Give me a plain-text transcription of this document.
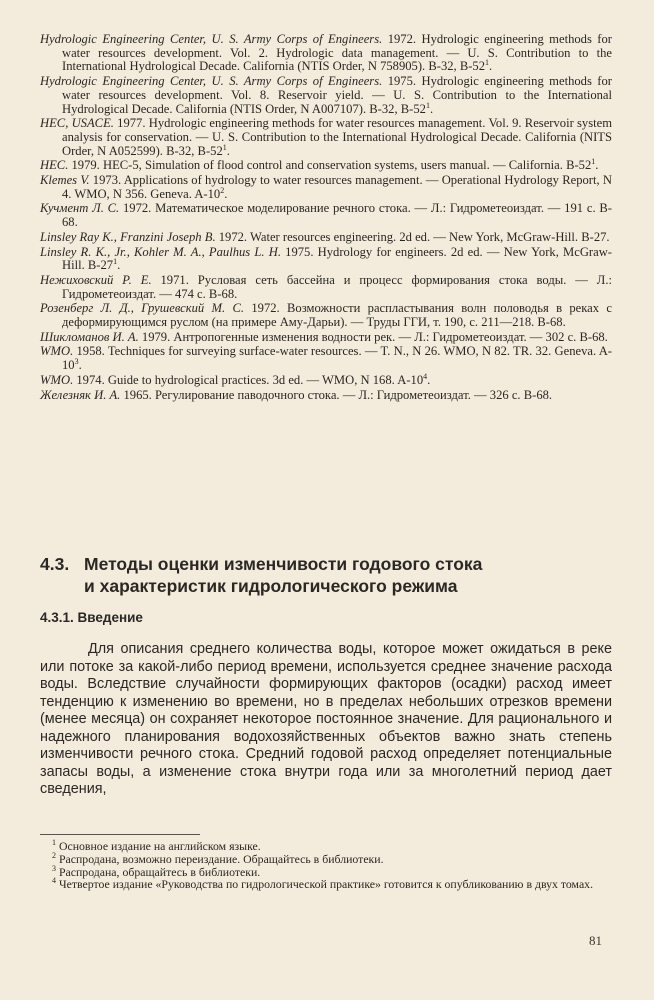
Hydrologic Engineering Center, U. S. Army Corps of Engineers. 1972. Hydrologic engineering methods for water resources development. Vol. 2. Hydrologic data management. — U. S. Contribution to the International Hydrological Decade. California (NTIS Order, N 758905). B-32, $B-52^1$.

Hydrologic Engineering Center, U. S. Army Corps of Engineers. 1975. Hydrologic engineering methods for water resources development. Vol. 8. Reservoir yield. — U. S. Contribution to the International Hydrological Decade. California (NTIS Order, N A007107). B-32, $B-52^1$.

HEC, USACE. 1977. Hydrologic engineering methods for water resources management. Vol. 9. Reservoir system analysis for conservation. — U. S. Contribution to the International Hydrological Decade. California (NITS Order, N A052599). B-32, $B-52^1$.

HEC. 1979. HEC-5, Simulation of flood control and conservation systems, users manual. — California. $B-52^1$.

Klemes V. 1973. Applications of hydrology to water resources management. — Operational Hydrology Report, N 4. WMO, N 356. Geneva. $A-10^2$.

Кучмент Л. С. 1972. Математическое моделирование речного стока. — Л.: Гидрометеоиздат. — 191 с. B-68.

Linsley Ray K., Franzini Joseph B. 1972. Water resources engineering. 2d ed. — New York, McGraw-Hill. B-27.

Linsley R. K., Jr., Kohler M. A., Paulhus L. H. 1975. Hydrology for engineers. 2d ed. — New York, McGraw-Hill. $B-27^1$.

Нежиховский Р. Е. 1971. Русловая сеть бассейна и процесс формирования стока воды. — Л.: Гидрометеоиздат. — 474 с. B-68.

Розенберг Л. Д., Грушевский М. С. 1972. Возможности распластывания волн половодья в реках с деформирующимся руслом (на примере Аму-Дарьи). — Труды ГГИ, т. 190, с. 211—218. B-68.

Шикломанов И. А. 1979. Антропогенные изменения водности рек. — Л.: Гидрометеоиздат. — 302 с. B-68.

WMO. 1958. Techniques for surveying surface-water resources. — T. N., N 26. WMO, N 82. TR. 32. Geneva. $A-10^3$.

WMO. 1974. Guide to hydrological practices. 3d ed. — WMO, N 168. $A-10^4$.

Железняк И. А. 1965. Регулирование паводочного стока. — Л.: Гидрометеоиздат. — 326 с. B-68.

4.3. Методы оценки изменчивости годового стока
и характеристик гидрологического режима
4.3.1. Введение

Для описания среднего количества воды, которое может ожидаться в реке или потоке за какой-либо период времени, используется среднее значение расхода воды. Вследствие случайности формирующих факторов (осадки) расход имеет тенденцию к изменению во времени, но в пределах небольших отрезков времени (менее месяца) он сохраняет некоторое постоянное значение. Для рационального и надежного планирования водохозяйственных объектов важно знать степень изменчивости речного стока. Средний годовой расход определяет потенциальные запасы воды, а изменение стока внутри года или за многолетний период дает сведения,

$^1$ Основное издание на английском языке.

$^2$ Распродана, возможно переиздание. Обращайтесь в библиотеки.

$^3$ Распродана, обращайтесь в библиотеки.

$^4$ Четвертое издание «Руководства по гидрологической практике» готовится к опубликованию в двух томах.

81
